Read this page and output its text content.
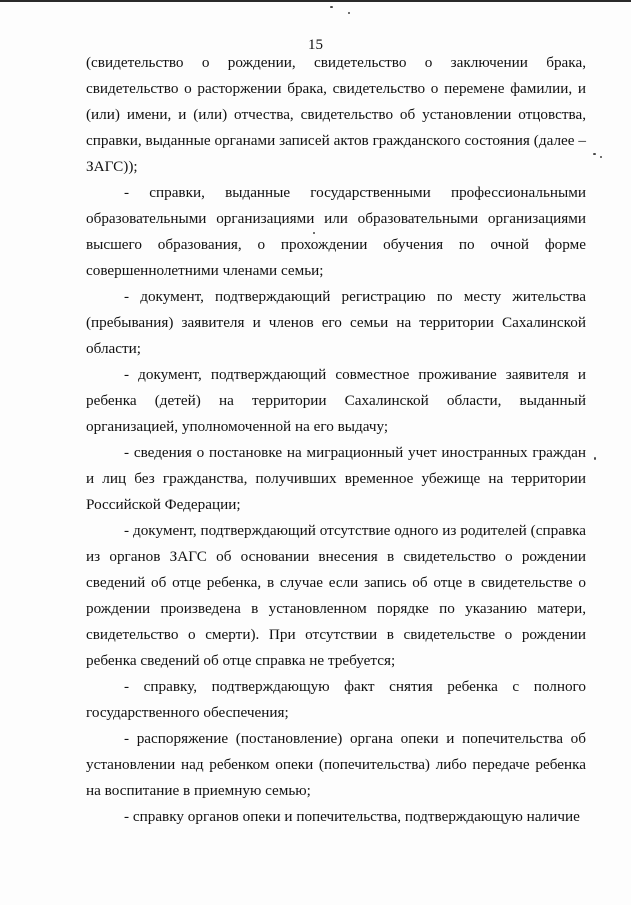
15

(свидетельство о рождении, свидетельство о заключении брака, свидетельство о расторжении брака, свидетельство о перемене фамилии, и (или) имени, и (или) отчества, свидетельство об установлении отцовства, справки, выданные органами записей актов гражданского состояния (далее – ЗАГС));

- справки, выданные государственными профессиональными образовательными организациями или образовательными организациями высшего образования, о прохождении обучения по очной форме совершеннолетними членами семьи;

- документ, подтверждающий регистрацию по месту жительства (пребывания) заявителя и членов его семьи на территории Сахалинской области;

- документ, подтверждающий совместное проживание заявителя и ребенка (детей) на территории Сахалинской области, выданный организацией, уполномоченной на его выдачу;

- сведения о постановке на миграционный учет иностранных граждан и лиц без гражданства, получивших временное убежище на территории Российской Федерации;

- документ, подтверждающий отсутствие одного из родителей (справка из органов ЗАГС об основании внесения в свидетельство о рождении сведений об отце ребенка, в случае если запись об отце в свидетельстве о рождении произведена в установленном порядке по указанию матери, свидетельство о смерти). При отсутствии в свидетельстве о рождении ребенка сведений об отце справка не требуется;

- справку, подтверждающую факт снятия ребенка с полного государственного обеспечения;

- распоряжение (постановление) органа опеки и попечительства об установлении над ребенком опеки (попечительства) либо передаче ребенка на воспитание в приемную семью;

- справку органов опеки и попечительства, подтверждающую наличие
